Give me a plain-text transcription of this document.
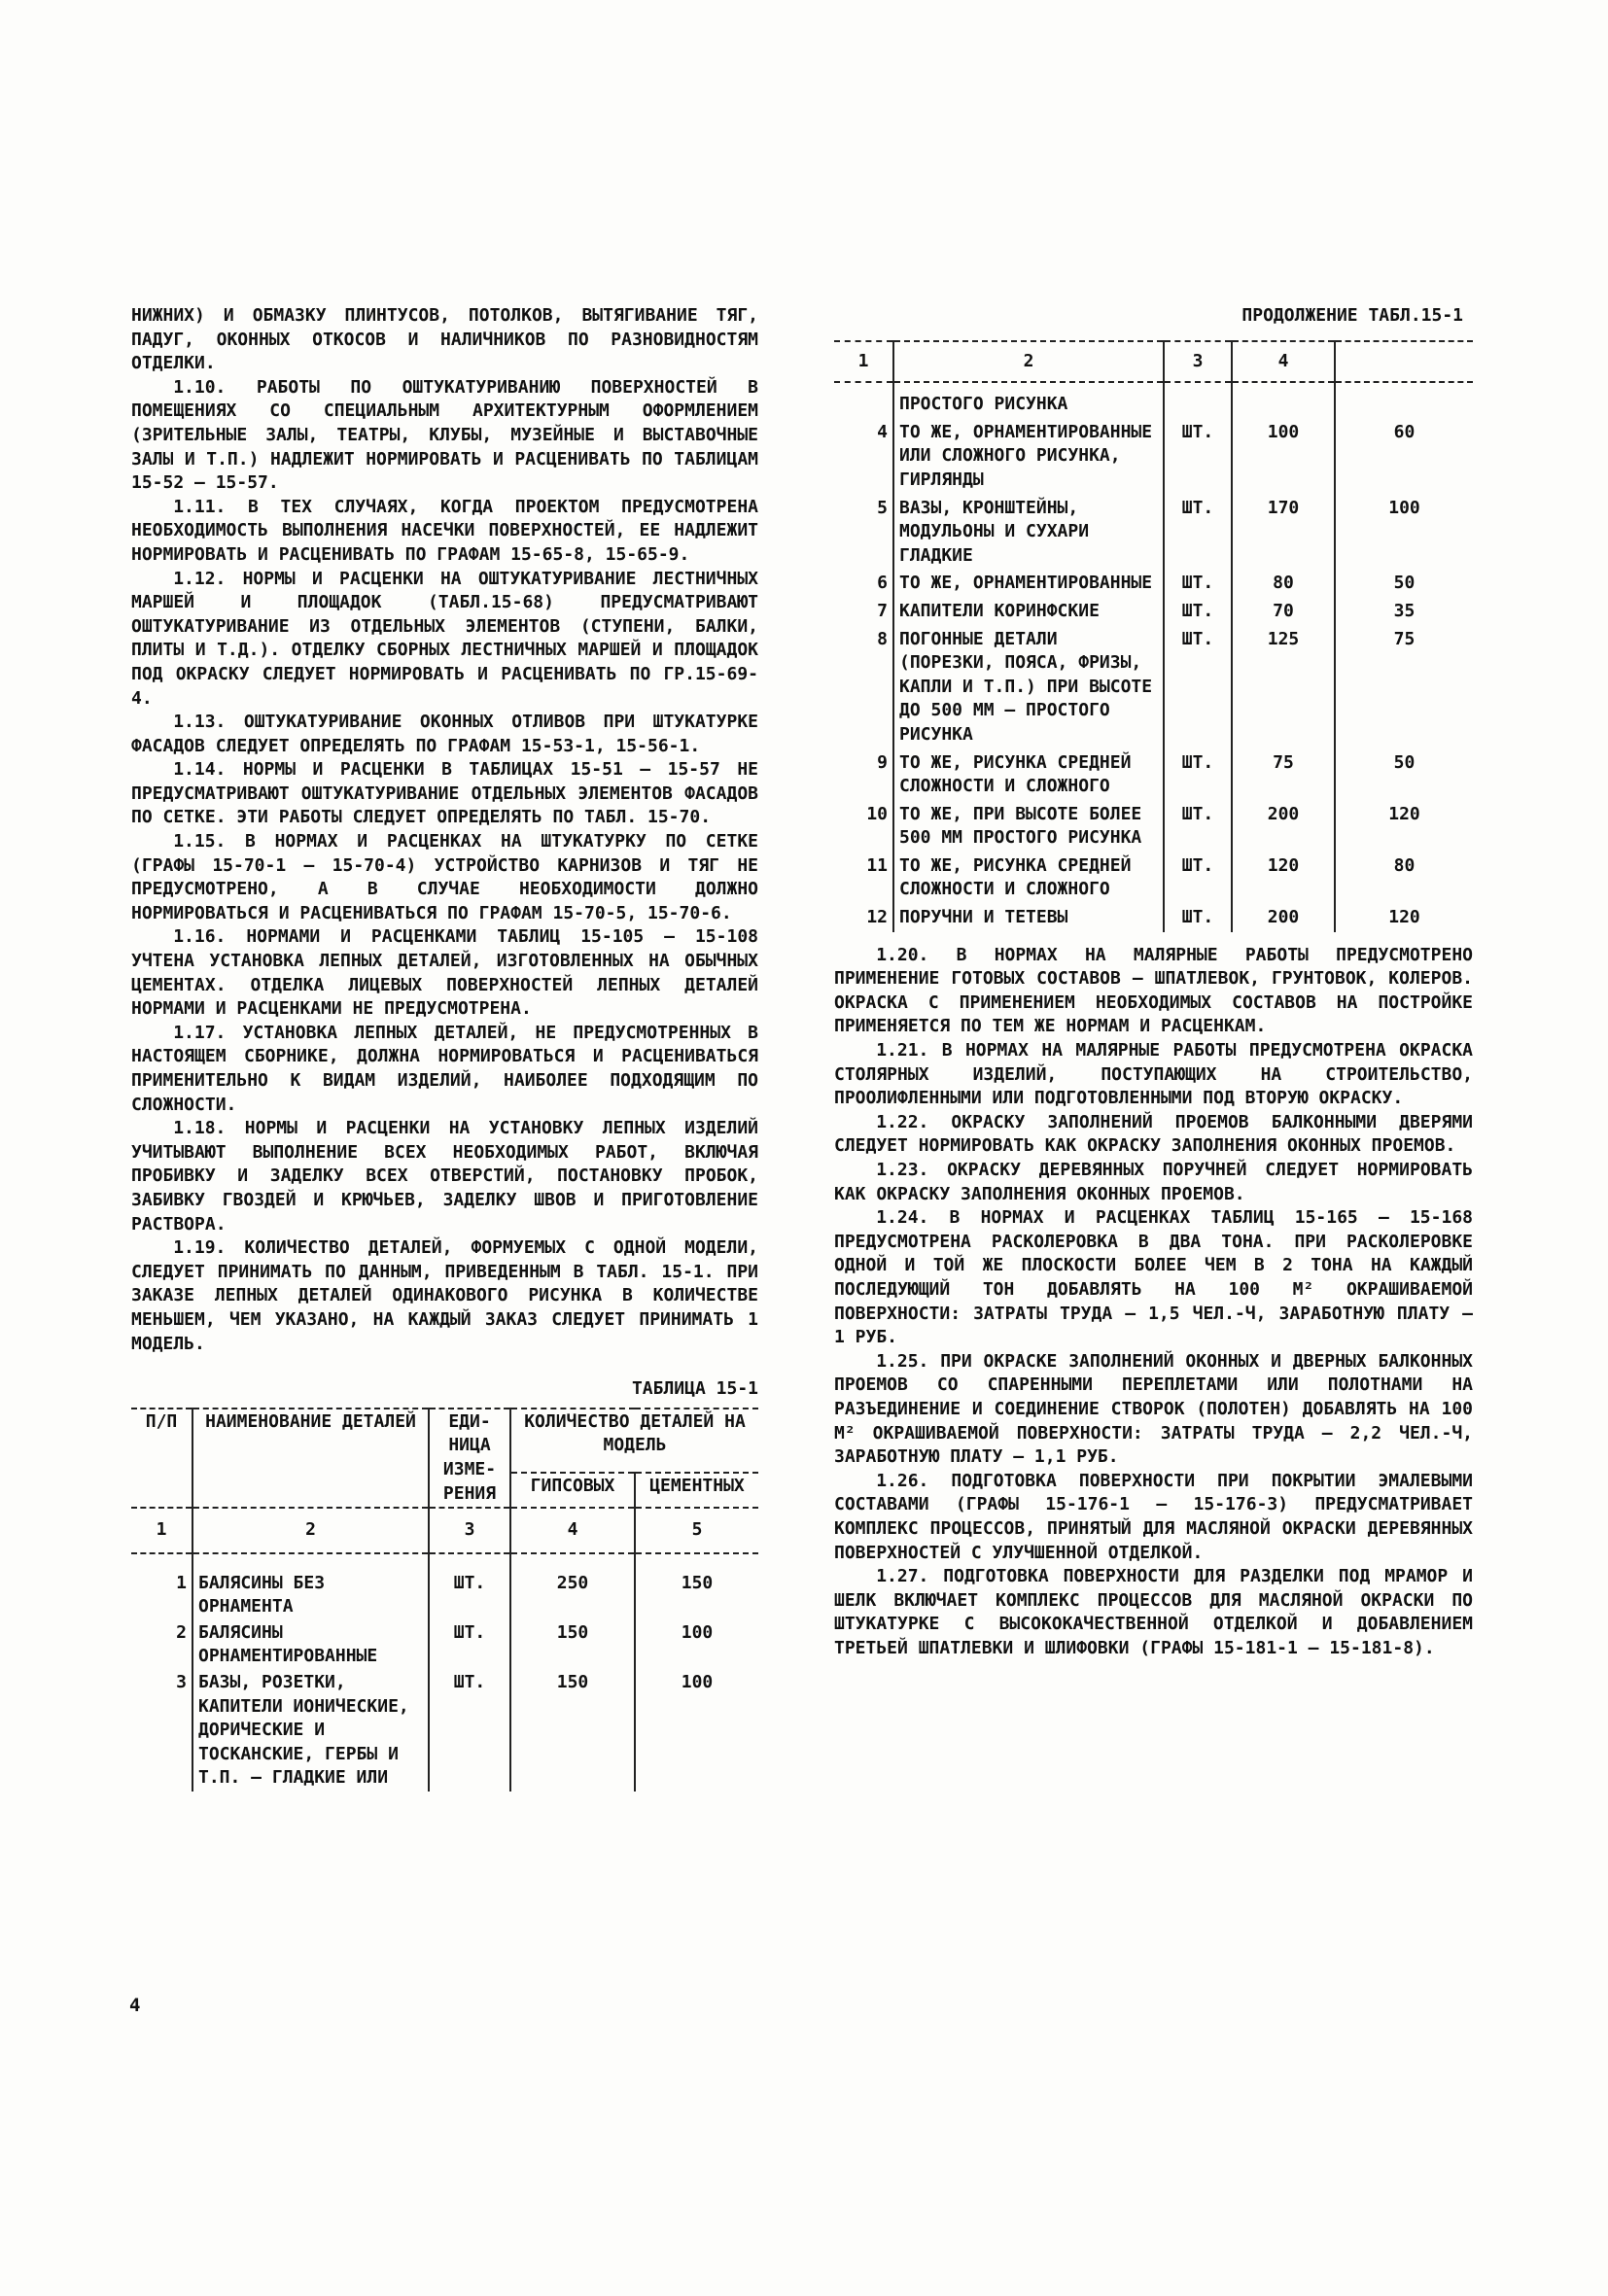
НИЖНИХ) И ОБМАЗКУ ПЛИНТУСОВ, ПОТОЛКОВ, ВЫТЯГИВАНИЕ ТЯГ, ПАДУГ, ОКОННЫХ ОТКОСОВ И НАЛИЧНИКОВ ПО РАЗНОВИДНОСТЯМ ОТДЕЛКИ.

1.10. РАБОТЫ ПО ОШТУКАТУРИВАНИЮ ПОВЕРХНОСТЕЙ В ПОМЕЩЕНИЯХ СО СПЕЦИАЛЬНЫМ АРХИТЕКТУРНЫМ ОФОРМЛЕНИЕМ (ЗРИТЕЛЬНЫЕ ЗАЛЫ, ТЕАТРЫ, КЛУБЫ, МУЗЕЙНЫЕ И ВЫСТАВОЧНЫЕ ЗАЛЫ И Т.П.) НАДЛЕЖИТ НОРМИРОВАТЬ И РАСЦЕНИВАТЬ ПО ТАБЛИЦАМ 15-52 – 15-57.

1.11. В ТЕХ СЛУЧАЯХ, КОГДА ПРОЕКТОМ ПРЕДУСМОТРЕНА НЕОБХОДИМОСТЬ ВЫПОЛНЕНИЯ НАСЕЧКИ ПОВЕРХНОСТЕЙ, ЕЕ НАДЛЕЖИТ НОРМИРОВАТЬ И РАСЦЕНИВАТЬ ПО ГРАФАМ 15-65-8, 15-65-9.

1.12. НОРМЫ И РАСЦЕНКИ НА ОШТУКАТУРИВАНИЕ ЛЕСТНИЧНЫХ МАРШЕЙ И ПЛОЩАДОК (ТАБЛ.15-68) ПРЕДУСМАТРИВАЮТ ОШТУКАТУРИВАНИЕ ИЗ ОТДЕЛЬНЫХ ЭЛЕМЕНТОВ (СТУПЕНИ, БАЛКИ, ПЛИТЫ И Т.Д.). ОТДЕЛКУ СБОРНЫХ ЛЕСТНИЧНЫХ МАРШЕЙ И ПЛОЩАДОК ПОД ОКРАСКУ СЛЕДУЕТ НОРМИРОВАТЬ И РАСЦЕНИВАТЬ ПО ГР.15-69-4.

1.13. ОШТУКАТУРИВАНИЕ ОКОННЫХ ОТЛИВОВ ПРИ ШТУКАТУРКЕ ФАСАДОВ СЛЕДУЕТ ОПРЕДЕЛЯТЬ ПО ГРАФАМ 15-53-1, 15-56-1.

1.14. НОРМЫ И РАСЦЕНКИ В ТАБЛИЦАХ 15-51 – 15-57 НЕ ПРЕДУСМАТРИВАЮТ ОШТУКАТУРИВАНИЕ ОТДЕЛЬНЫХ ЭЛЕМЕНТОВ ФАСАДОВ ПО СЕТКЕ. ЭТИ РАБОТЫ СЛЕДУЕТ ОПРЕДЕЛЯТЬ ПО ТАБЛ. 15-70.

1.15. В НОРМАХ И РАСЦЕНКАХ НА ШТУКАТУРКУ ПО СЕТКЕ (ГРАФЫ 15-70-1 – 15-70-4) УСТРОЙСТВО КАРНИЗОВ И ТЯГ НЕ ПРЕДУСМОТРЕНО, А В СЛУЧАЕ НЕОБХОДИМОСТИ ДОЛЖНО НОРМИРОВАТЬСЯ И РАСЦЕНИВАТЬСЯ ПО ГРАФАМ 15-70-5, 15-70-6.

1.16. НОРМАМИ И РАСЦЕНКАМИ ТАБЛИЦ 15-105 – 15-108 УЧТЕНА УСТАНОВКА ЛЕПНЫХ ДЕТАЛЕЙ, ИЗГОТОВЛЕННЫХ НА ОБЫЧНЫХ ЦЕМЕНТАХ. ОТДЕЛКА ЛИЦЕВЫХ ПОВЕРХНОСТЕЙ ЛЕПНЫХ ДЕТАЛЕЙ НОРМАМИ И РАСЦЕНКАМИ НЕ ПРЕДУСМОТРЕНА.

1.17. УСТАНОВКА ЛЕПНЫХ ДЕТАЛЕЙ, НЕ ПРЕДУСМОТРЕННЫХ В НАСТОЯЩЕМ СБОРНИКЕ, ДОЛЖНА НОРМИРОВАТЬСЯ И РАСЦЕНИВАТЬСЯ ПРИМЕНИТЕЛЬНО К ВИДАМ ИЗДЕЛИЙ, НАИБОЛЕЕ ПОДХОДЯЩИМ ПО СЛОЖНОСТИ.

1.18. НОРМЫ И РАСЦЕНКИ НА УСТАНОВКУ ЛЕПНЫХ ИЗДЕЛИЙ УЧИТЫВАЮТ ВЫПОЛНЕНИЕ ВСЕХ НЕОБХОДИМЫХ РАБОТ, ВКЛЮЧАЯ ПРОБИВКУ И ЗАДЕЛКУ ВСЕХ ОТВЕРСТИЙ, ПОСТАНОВКУ ПРОБОК, ЗАБИВКУ ГВОЗДЕЙ И КРЮЧЬЕВ, ЗАДЕЛКУ ШВОВ И ПРИГОТОВЛЕНИЕ РАСТВОРА.

1.19. КОЛИЧЕСТВО ДЕТАЛЕЙ, ФОРМУЕМЫХ С ОДНОЙ МОДЕЛИ, СЛЕДУЕТ ПРИНИМАТЬ ПО ДАННЫМ, ПРИВЕДЕННЫМ В ТАБЛ. 15-1. ПРИ ЗАКАЗЕ ЛЕПНЫХ ДЕТАЛЕЙ ОДИНАКОВОГО РИСУНКА В КОЛИЧЕСТВЕ МЕНЬШЕМ, ЧЕМ УКАЗАНО, НА КАЖДЫЙ ЗАКАЗ СЛЕДУЕТ ПРИНИМАТЬ 1 МОДЕЛЬ.

ТАБЛИЦА 15-1
П/П	НАИМЕНОВАНИЕ ДЕТАЛЕЙ	ЕДИ-НИЦА ИЗМЕ-РЕНИЯ	КОЛИЧЕСТВО ДЕТАЛЕЙ НА МОДЕЛЬ	
			ГИПСОВЫХ	ЦЕМЕНТНЫХ
1	2	3	4	5
1	БАЛЯСИНЫ БЕЗ ОРНАМЕНТА	ШТ.	250	150
2	БАЛЯСИНЫ ОРНАМЕНТИРОВАННЫЕ	ШТ.	150	100
3	БАЗЫ, РОЗЕТКИ, КАПИТЕЛИ ИОНИЧЕСКИЕ, ДОРИЧЕСКИЕ И ТОСКАНСКИЕ, ГЕРБЫ И Т.П. – ГЛАДКИЕ ИЛИ	ШТ.	150	100
ПРОДОЛЖЕНИЕ ТАБЛ.15-1
1	2	3	4	
	ПРОСТОГО РИСУНКА			
4	ТО ЖЕ, ОРНАМЕНТИРОВАННЫЕ ИЛИ СЛОЖНОГО РИСУНКА, ГИРЛЯНДЫ	ШТ.	100	60
5	ВАЗЫ, КРОНШТЕЙНЫ, МОДУЛЬОНЫ И СУХАРИ ГЛАДКИЕ	ШТ.	170	100
6	ТО ЖЕ, ОРНАМЕНТИРОВАННЫЕ	ШТ.	80	50
7	КАПИТЕЛИ КОРИНФСКИЕ	ШТ.	70	35
8	ПОГОННЫЕ ДЕТАЛИ (ПОРЕЗКИ, ПОЯСА, ФРИЗЫ, КАПЛИ И Т.П.) ПРИ ВЫСОТЕ ДО 500 ММ – ПРОСТОГО РИСУНКА	ШТ.	125	75
9	ТО ЖЕ, РИСУНКА СРЕДНЕЙ СЛОЖНОСТИ И СЛОЖНОГО	ШТ.	75	50
10	ТО ЖЕ, ПРИ ВЫСОТЕ БОЛЕЕ 500 ММ ПРОСТОГО РИСУНКА	ШТ.	200	120
11	ТО ЖЕ, РИСУНКА СРЕДНЕЙ СЛОЖНОСТИ И СЛОЖНОГО	ШТ.	120	80
12	ПОРУЧНИ И ТЕТЕВЫ	ШТ.	200	120

1.20. В НОРМАХ НА МАЛЯРНЫЕ РАБОТЫ ПРЕДУСМОТРЕНО ПРИМЕНЕНИЕ ГОТОВЫХ СОСТАВОВ – ШПАТЛЕВОК, ГРУНТОВОК, КОЛЕРОВ. ОКРАСКА С ПРИМЕНЕНИЕМ НЕОБХОДИМЫХ СОСТАВОВ НА ПОСТРОЙКЕ ПРИМЕНЯЕТСЯ ПО ТЕМ ЖЕ НОРМАМ И РАСЦЕНКАМ.

1.21. В НОРМАХ НА МАЛЯРНЫЕ РАБОТЫ ПРЕДУСМОТРЕНА ОКРАСКА СТОЛЯРНЫХ ИЗДЕЛИЙ, ПОСТУПАЮЩИХ НА СТРОИТЕЛЬСТВО, ПРООЛИФЛЕННЫМИ ИЛИ ПОДГОТОВЛЕННЫМИ ПОД ВТОРУЮ ОКРАСКУ.

1.22. ОКРАСКУ ЗАПОЛНЕНИЙ ПРОЕМОВ БАЛКОННЫМИ ДВЕРЯМИ СЛЕДУЕТ НОРМИРОВАТЬ КАК ОКРАСКУ ЗАПОЛНЕНИЯ ОКОННЫХ ПРОЕМОВ.

1.23. ОКРАСКУ ДЕРЕВЯННЫХ ПОРУЧНЕЙ СЛЕДУЕТ НОРМИРОВАТЬ КАК ОКРАСКУ ЗАПОЛНЕНИЯ ОКОННЫХ ПРОЕМОВ.

1.24. В НОРМАХ И РАСЦЕНКАХ ТАБЛИЦ 15-165 – 15-168 ПРЕДУСМОТРЕНА РАСКОЛЕРОВКА В ДВА ТОНА. ПРИ РАСКОЛЕРОВКЕ ОДНОЙ И ТОЙ ЖЕ ПЛОСКОСТИ БОЛЕЕ ЧЕМ В 2 ТОНА НА КАЖДЫЙ ПОСЛЕДУЮЩИЙ ТОН ДОБАВЛЯТЬ НА 100 М² ОКРАШИВАЕМОЙ ПОВЕРХНОСТИ: ЗАТРАТЫ ТРУДА – 1,5 ЧЕЛ.-Ч, ЗАРАБОТНУЮ ПЛАТУ – 1 РУБ.

1.25. ПРИ ОКРАСКЕ ЗАПОЛНЕНИЙ ОКОННЫХ И ДВЕРНЫХ БАЛКОННЫХ ПРОЕМОВ СО СПАРЕННЫМИ ПЕРЕПЛЕТАМИ ИЛИ ПОЛОТНАМИ НА РАЗЪЕДИНЕНИЕ И СОЕДИНЕНИЕ СТВОРОК (ПОЛОТЕН) ДОБАВЛЯТЬ НА 100 М² ОКРАШИВАЕМОЙ ПОВЕРХНОСТИ: ЗАТРАТЫ ТРУДА – 2,2 ЧЕЛ.-Ч, ЗАРАБОТНУЮ ПЛАТУ – 1,1 РУБ.

1.26. ПОДГОТОВКА ПОВЕРХНОСТИ ПРИ ПОКРЫТИИ ЭМАЛЕВЫМИ СОСТАВАМИ (ГРАФЫ 15-176-1 – 15-176-3) ПРЕДУСМАТРИВАЕТ КОМПЛЕКС ПРОЦЕССОВ, ПРИНЯТЫЙ ДЛЯ МАСЛЯНОЙ ОКРАСКИ ДЕРЕВЯННЫХ ПОВЕРХНОСТЕЙ С УЛУЧШЕННОЙ ОТДЕЛКОЙ.

1.27. ПОДГОТОВКА ПОВЕРХНОСТИ ДЛЯ РАЗДЕЛКИ ПОД МРАМОР И ШЕЛК ВКЛЮЧАЕТ КОМПЛЕКС ПРОЦЕССОВ ДЛЯ МАСЛЯНОЙ ОКРАСКИ ПО ШТУКАТУРКЕ С ВЫСОКОКАЧЕСТВЕННОЙ ОТДЕЛКОЙ И ДОБАВЛЕНИЕМ ТРЕТЬЕЙ ШПАТЛЕВКИ И ШЛИФОВКИ (ГРАФЫ 15-181-1 – 15-181-8).

4
